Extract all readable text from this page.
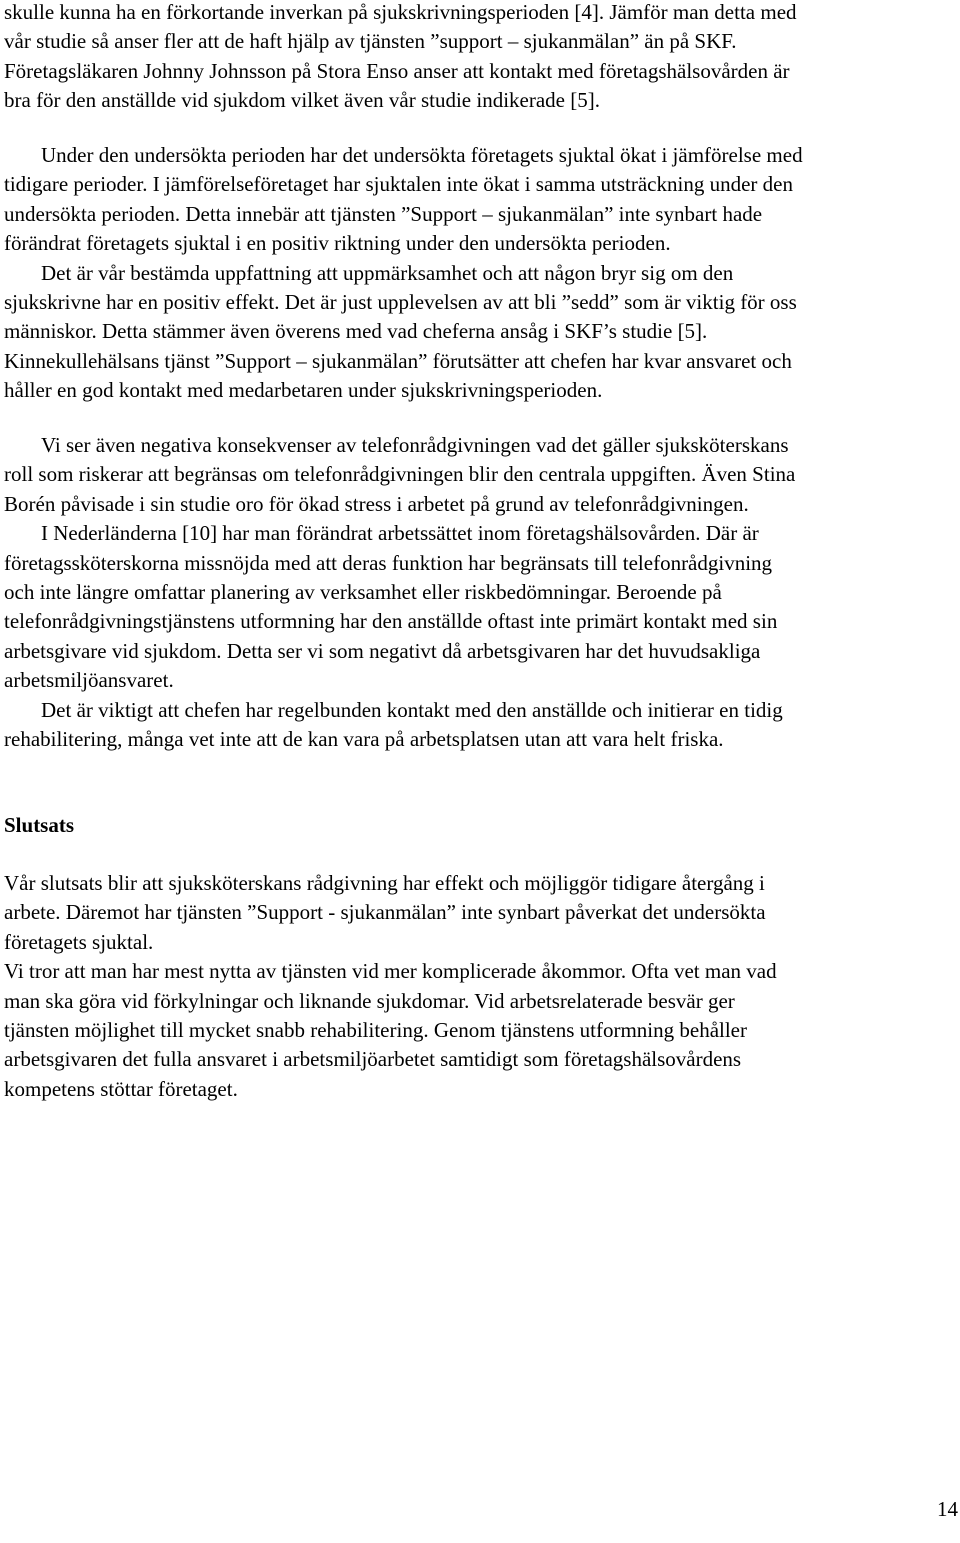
skulle kunna ha en förkortande inverkan på sjukskrivningsperioden [4]. Jämför man detta med
vår studie så anser fler att de haft hjälp av tjänsten ”support – sjukanmälan” än på SKF.
Företagsläkaren Johnny Johnsson på Stora Enso anser att kontakt med företagshälsovården är
bra för den anställde vid sjukdom vilket även vår studie indikerade [5].
Under den undersökta perioden har det undersökta företagets sjuktal ökat i jämförelse med
tidigare perioder. I jämförelseföretaget har sjuktalen inte ökat i samma utsträckning under den
undersökta perioden. Detta innebär att tjänsten ”Support – sjukanmälan” inte synbart hade
förändrat företagets sjuktal i en positiv riktning under den undersökta perioden.
Det är vår bestämda uppfattning att uppmärksamhet och att någon bryr sig om den
sjukskrivne har en positiv effekt. Det är just upplevelsen av att bli ”sedd” som är viktig för oss
människor. Detta stämmer även överens med vad cheferna ansåg i SKF’s studie [5].
Kinnekullehälsans tjänst ”Support – sjukanmälan” förutsätter att chefen har kvar ansvaret och
håller en god kontakt med medarbetaren under sjukskrivningsperioden.
Vi ser även negativa konsekvenser av telefonrådgivningen vad det gäller sjuksköterskans
roll som riskerar att begränsas om telefonrådgivningen blir den centrala uppgiften. Även Stina
Borén påvisade i sin studie oro för ökad stress i arbetet på grund av telefonrådgivningen.
I Nederländerna [10] har man förändrat arbetssättet inom företagshälsovården. Där är
företagssköterskorna missnöjda med att deras funktion har begränsats till telefonrådgivning
och inte längre omfattar planering av verksamhet eller riskbedömningar. Beroende på
telefonrådgivningstjänstens utformning har den anställde oftast inte primärt kontakt med sin
arbetsgivare vid sjukdom. Detta ser vi som negativt då arbetsgivaren har det huvudsakliga
arbetsmiljöansvaret.
Det är viktigt att chefen har regelbunden kontakt med den anställde och initierar en tidig
rehabilitering, många vet inte att de kan vara på arbetsplatsen utan att vara helt friska.
Slutsats
Vår slutsats blir att sjuksköterskans rådgivning har effekt och möjliggör tidigare återgång i
arbete. Däremot har tjänsten ”Support - sjukanmälan” inte synbart påverkat det undersökta
företagets sjuktal.
Vi tror att man har mest nytta av tjänsten vid mer komplicerade åkommor. Ofta vet man vad
man ska göra vid förkylningar och liknande sjukdomar. Vid arbetsrelaterade besvär ger
tjänsten möjlighet till mycket snabb rehabilitering. Genom tjänstens utformning behåller
arbetsgivaren det fulla ansvaret i arbetsmiljöarbetet samtidigt som företagshälsovårdens
kompetens stöttar företaget.
14
